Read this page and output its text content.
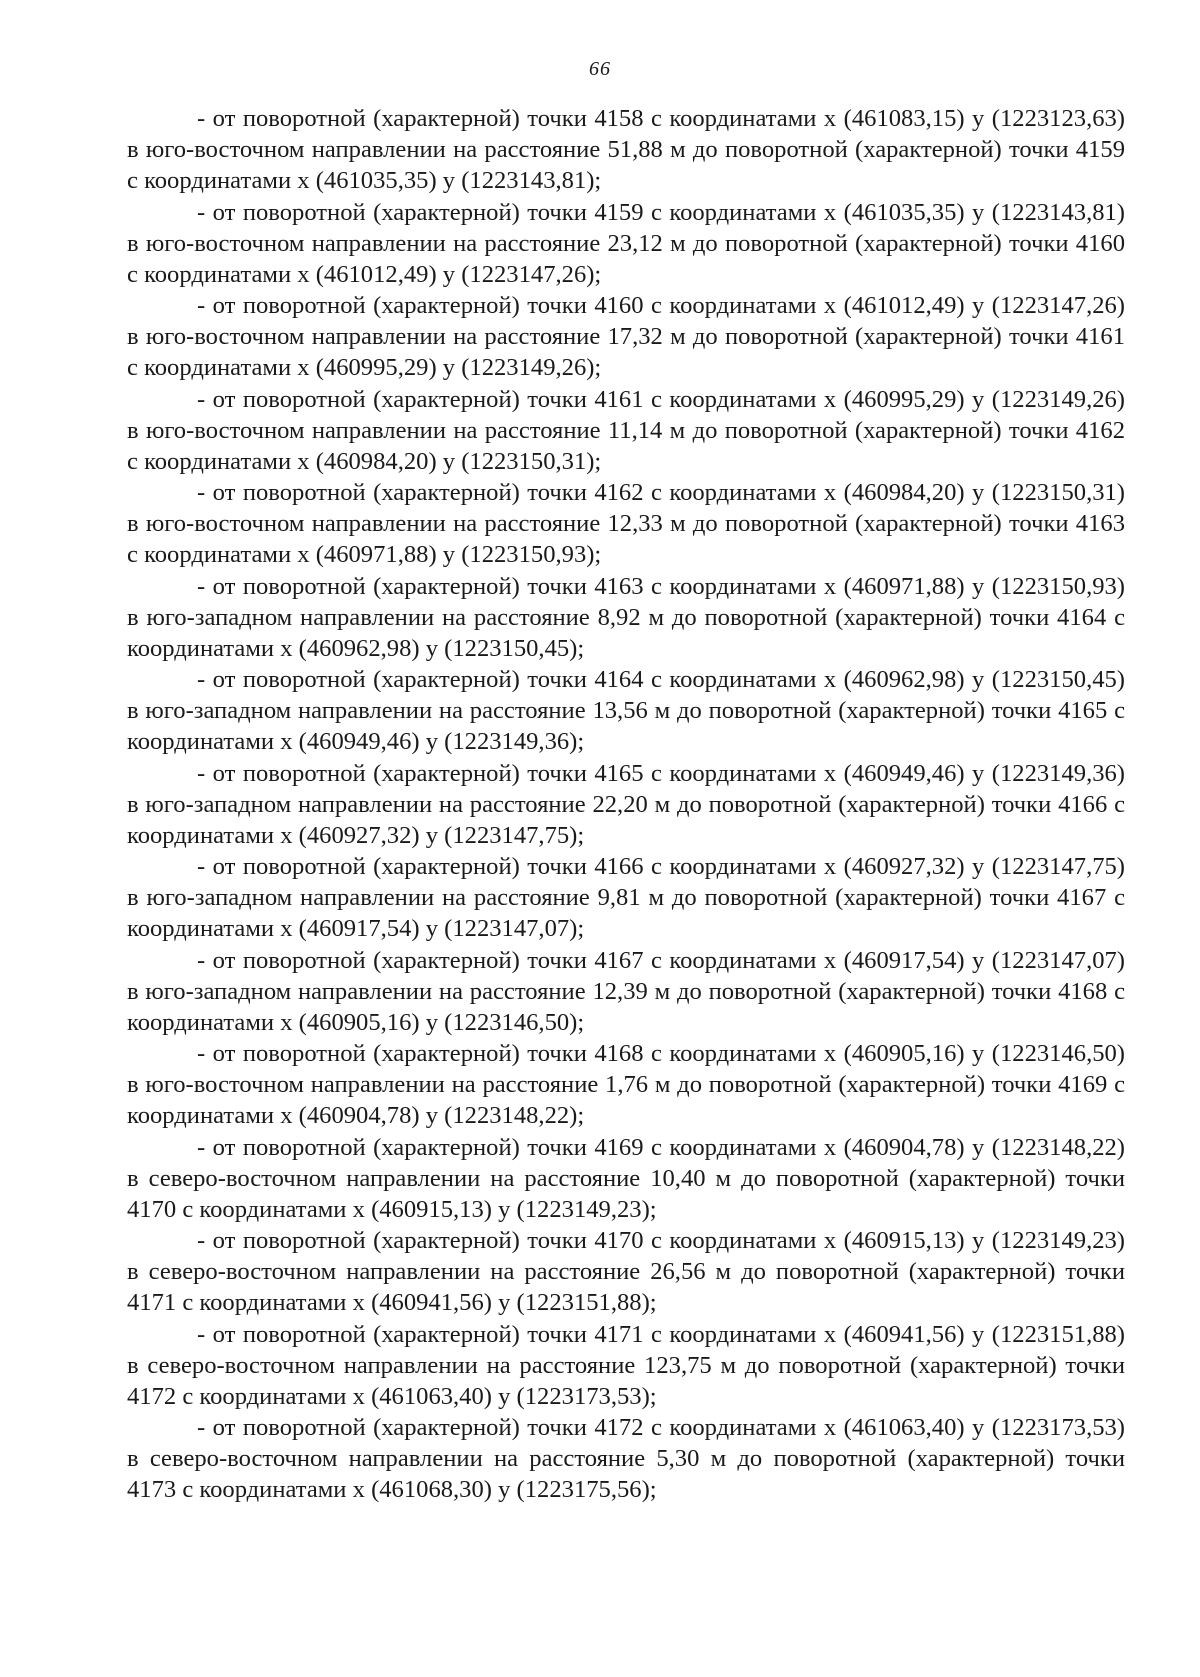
66

- от поворотной (характерной) точки 4158 с координатами х (461083,15) у (1223123,63) в юго-восточном направлении на расстояние 51,88 м до поворотной (характерной) точки 4159 с координатами х (461035,35) у (1223143,81);

- от поворотной (характерной) точки 4159 с координатами х (461035,35) у (1223143,81) в юго-восточном направлении на расстояние 23,12 м до поворотной (характерной) точки 4160 с координатами х (461012,49) у (1223147,26);

- от поворотной (характерной) точки 4160 с координатами х (461012,49) у (1223147,26) в юго-восточном направлении на расстояние 17,32 м до поворотной (характерной) точки 4161 с координатами х (460995,29) у (1223149,26);

- от поворотной (характерной) точки 4161 с координатами х (460995,29) у (1223149,26) в юго-восточном направлении на расстояние 11,14 м до поворотной (характерной) точки 4162 с координатами х (460984,20) у (1223150,31);

- от поворотной (характерной) точки 4162 с координатами х (460984,20) у (1223150,31) в юго-восточном направлении на расстояние 12,33 м до поворотной (характерной) точки 4163 с координатами х (460971,88) у (1223150,93);

- от поворотной (характерной) точки 4163 с координатами х (460971,88) у (1223150,93) в юго-западном направлении на расстояние 8,92 м до поворотной (характерной) точки 4164 с координатами х (460962,98) у (1223150,45);

- от поворотной (характерной) точки 4164 с координатами х (460962,98) у (1223150,45) в юго-западном направлении на расстояние 13,56 м до поворотной (характерной) точки 4165 с координатами х (460949,46) у (1223149,36);

- от поворотной (характерной) точки 4165 с координатами х (460949,46) у (1223149,36) в юго-западном направлении на расстояние 22,20 м до поворотной (характерной) точки 4166 с координатами х (460927,32) у (1223147,75);

- от поворотной (характерной) точки 4166 с координатами х (460927,32) у (1223147,75) в юго-западном направлении на расстояние 9,81 м до поворотной (характерной) точки 4167 с координатами х (460917,54) у (1223147,07);

- от поворотной (характерной) точки 4167 с координатами х (460917,54) у (1223147,07) в юго-западном направлении на расстояние 12,39 м до поворотной (характерной) точки 4168 с координатами х (460905,16) у (1223146,50);

- от поворотной (характерной) точки 4168 с координатами х (460905,16) у (1223146,50) в юго-восточном направлении на расстояние 1,76 м до поворотной (характерной) точки 4169 с координатами х (460904,78) у (1223148,22);

- от поворотной (характерной) точки 4169 с координатами х (460904,78) у (1223148,22) в северо-восточном направлении на расстояние 10,40 м до поворотной (характерной) точки 4170 с координатами х (460915,13) у (1223149,23);

- от поворотной (характерной) точки 4170 с координатами х (460915,13) у (1223149,23) в северо-восточном направлении на расстояние 26,56 м до поворотной (характерной) точки 4171 с координатами х (460941,56) у (1223151,88);

- от поворотной (характерной) точки 4171 с координатами х (460941,56) у (1223151,88) в северо-восточном направлении на расстояние 123,75 м до поворотной (характерной) точки 4172 с координатами х (461063,40) у (1223173,53);

- от поворотной (характерной) точки 4172 с координатами х (461063,40) у (1223173,53) в северо-восточном направлении на расстояние 5,30 м до поворотной (характерной) точки 4173 с координатами х (461068,30) у (1223175,56);
